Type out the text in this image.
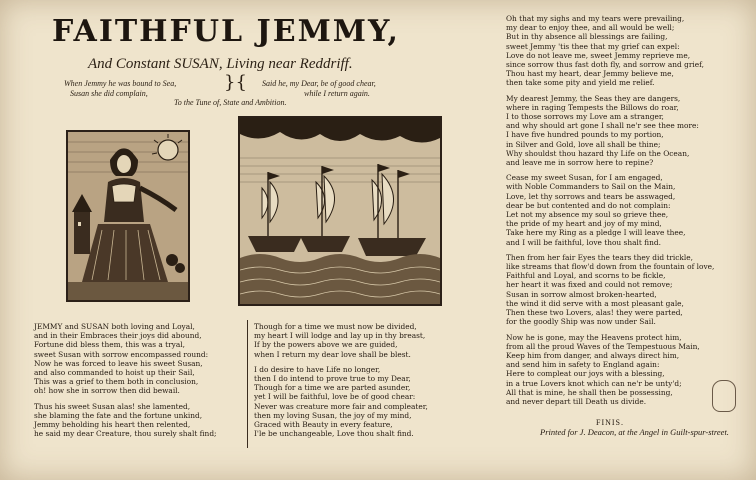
FAITHFUL JEMMY,
And Constant SUSAN, Living near Reddriff.
When Jemmy he was bound to Sea,
Susan she did complain,
}{ Said he, my Dear, be of good chear,
while I return again.
To the Tune of, State and Ambition.
JEMMY and SUSAN both loving and Loyal,
and in their Embraces their joys did abound,
Fortune did bless them, this was a tryal,
sweet Susan with sorrow encompassed round:
Now he was forced to leave his sweet Susan,
and also commanded to hoist up their Sail,
This was a grief to them both in conclusion,
oh! how she in sorrow then did bewail.
Thus his sweet Susan alas! she lamented,
she blaming the fate and the fortune unkind,
Jemmy beholding his heart then relented,
he said my dear Creature, thou surely shalt find;
Though for a time we must now be divided,
my heart I will lodge and lay up in thy breast,
If by the powers above we are guided,
when I return my dear love shall be blest.
I do desire to have Life no longer,
then I do intend to prove true to my Dear,
Though for a time we are parted asunder,
yet I will be faithful, love be of good chear:
Never was creature more fair and compleater,
then my loving Susan, the joy of my mind,
Graced with Beauty in every feature,
I'le be unchangeable, Love thou shalt find.
Oh that my sighs and my tears were prevailing,
my dear to enjoy thee, and all would be well;
But in thy absence all blessings are failing,
sweet Jemmy 'tis thee that my grief can expel:
Love do not leave me, sweet Jemmy reprieve me,
since sorrow thus fast doth fly, and sorrow and grief,
Thou hast my heart, dear Jemmy believe me,
then take some pity and yield me relief.
My dearest Jemmy, the Seas they are dangers,
where in raging Tempests the Billows do roar,
I to those sorrows my Love am a stranger,
and why should art gone I shall ne'r see thee more:
I have five hundred pounds to my portion,
in Silver and Gold, love all shall be thine;
Why shouldst thou hazard thy Life on the Ocean,
and leave me in sorrow here to repine?
Cease my sweet Susan, for I am engaged,
with Noble Commanders to Sail on the Main,
Love, let thy sorrows and tears be asswaged,
dear be but contented and do not complain:
Let not my absence my soul so grieve thee,
the pride of my heart and joy of my mind,
Take here my Ring as a pledge I will leave thee,
and I will be faithful, love thou shalt find.
Then from her fair Eyes the tears they did trickle,
like streams that flow'd down from the fountain of love,
Faithful and Loyal, and scorns to be fickle,
her heart it was fixed and could not remove;
Susan in sorrow almost broken-hearted,
the wind it did serve with a most pleasant gale,
Then these two Lovers, alas! they were parted,
for the goodly Ship was now under Sail.
Now he is gone, may the Heavens protect him,
from all the proud Waves of the Tempestuous Main,
Keep him from danger, and always direct him,
and send him in safety to England again:
Here to compleat our joys with a blessing,
in a true Lovers knot which can ne'r be unty'd;
All that is mine, he shall then be possessing,
and never depart till Death us divide.
FINIS.
Printed for J. Deacon, at the Angel in Guilt-spur-street.
